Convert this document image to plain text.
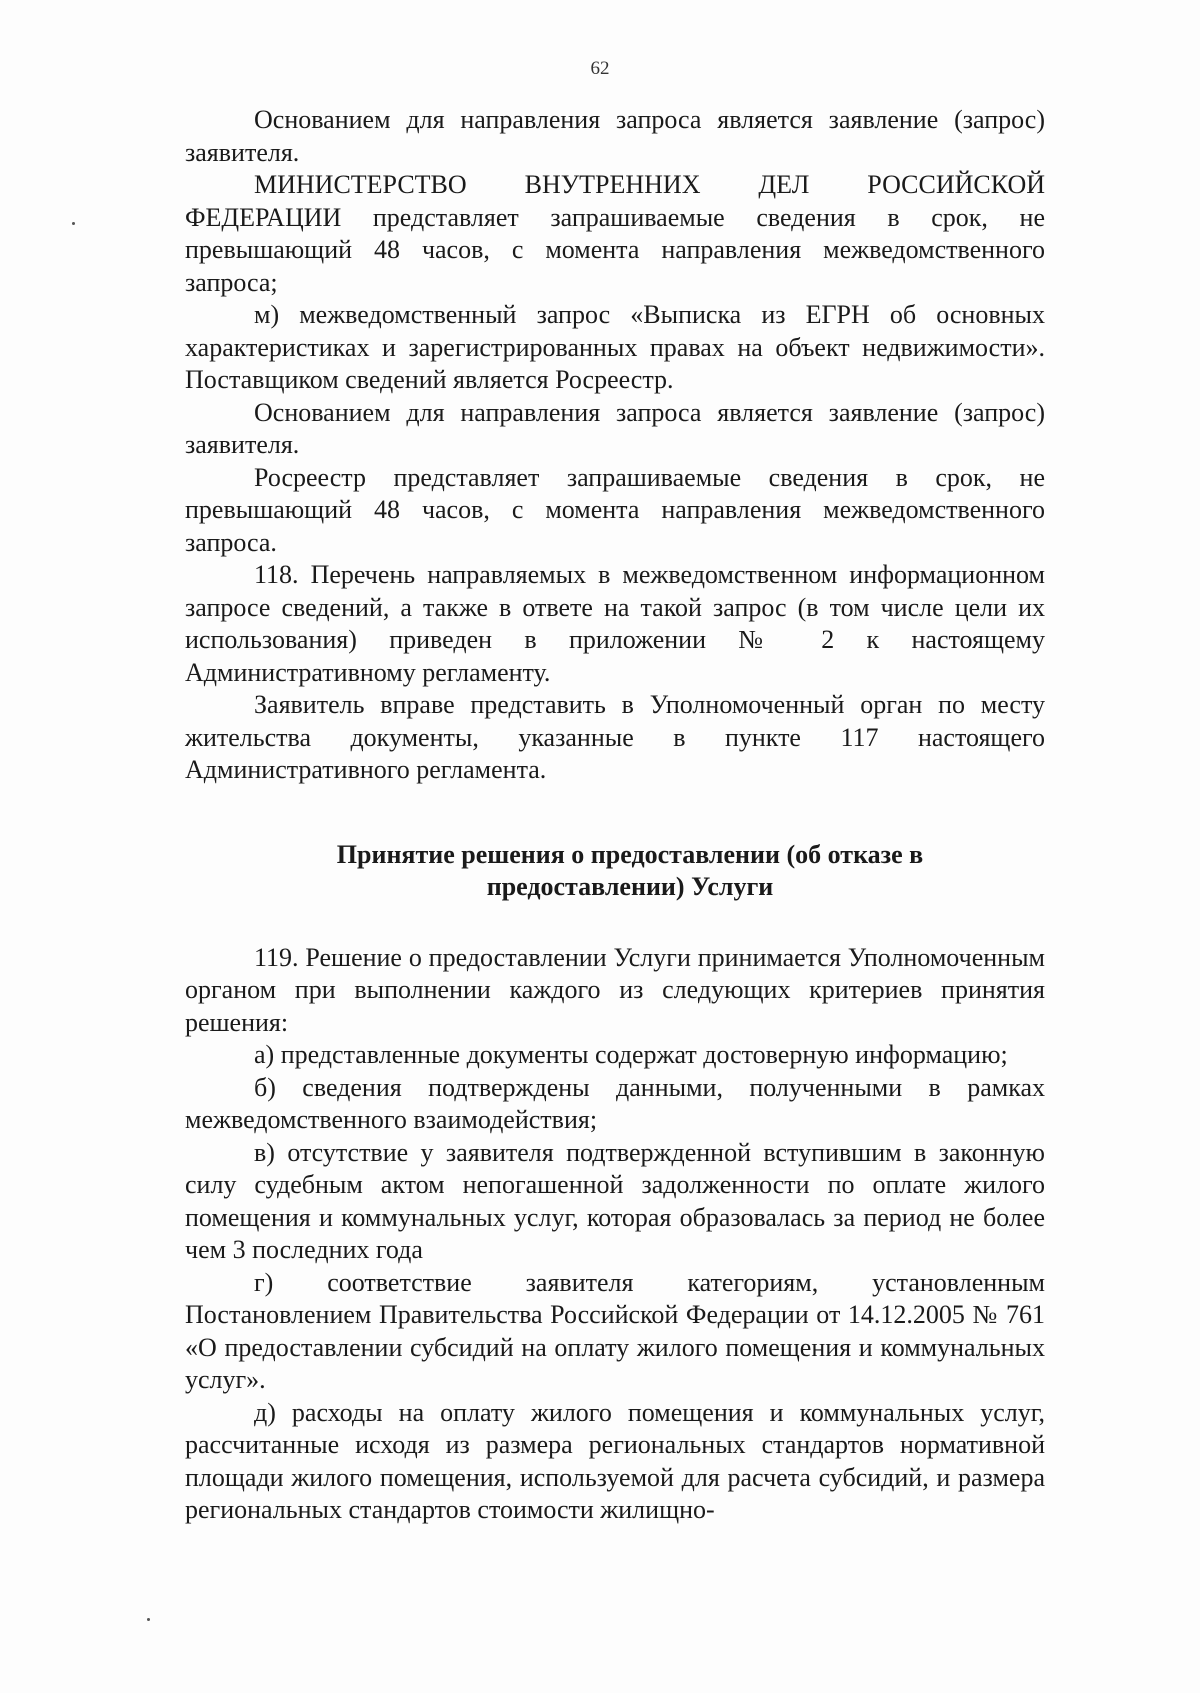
62

Основанием для направления запроса является заявление (запрос) заявителя.

МИНИСТЕРСТВО ВНУТРЕННИХ ДЕЛ РОССИЙСКОЙ ФЕДЕРАЦИИ представляет запрашиваемые сведения в срок, не превышающий 48 часов, с момента направления межведомственного запроса;

м) межведомственный запрос «Выписка из ЕГРН об основных характеристиках и зарегистрированных правах на объект недвижимости». Поставщиком сведений является Росреестр.

Основанием для направления запроса является заявление (запрос) заявителя.

Росреестр представляет запрашиваемые сведения в срок, не превышающий 48 часов, с момента направления межведомственного запроса.

118. Перечень направляемых в межведомственном информационном запросе сведений, а также в ответе на такой запрос (в том числе цели их использования) приведен в приложении № 2 к настоящему Административному регламенту.

Заявитель вправе представить в Уполномоченный орган по месту жительства документы, указанные в пункте 117 настоящего Административного регламента.

Принятие решения о предоставлении (об отказе в предоставлении) Услуги

119. Решение о предоставлении Услуги принимается Уполномоченным органом при выполнении каждого из следующих критериев принятия решения:

а) представленные документы содержат достоверную информацию;

б) сведения подтверждены данными, полученными в рамках межведомственного взаимодействия;

в) отсутствие у заявителя подтвержденной вступившим в законную силу судебным актом непогашенной задолженности по оплате жилого помещения и коммунальных услуг, которая образовалась за период не более чем 3 последних года

г) соответствие заявителя категориям, установленным Постановлением Правительства Российской Федерации от 14.12.2005 № 761 «О предоставлении субсидий на оплату жилого помещения и коммунальных услуг».

д) расходы на оплату жилого помещения и коммунальных услуг, рассчитанные исходя из размера региональных стандартов нормативной площади жилого помещения, используемой для расчета субсидий, и размера региональных стандартов стоимости жилищно-
